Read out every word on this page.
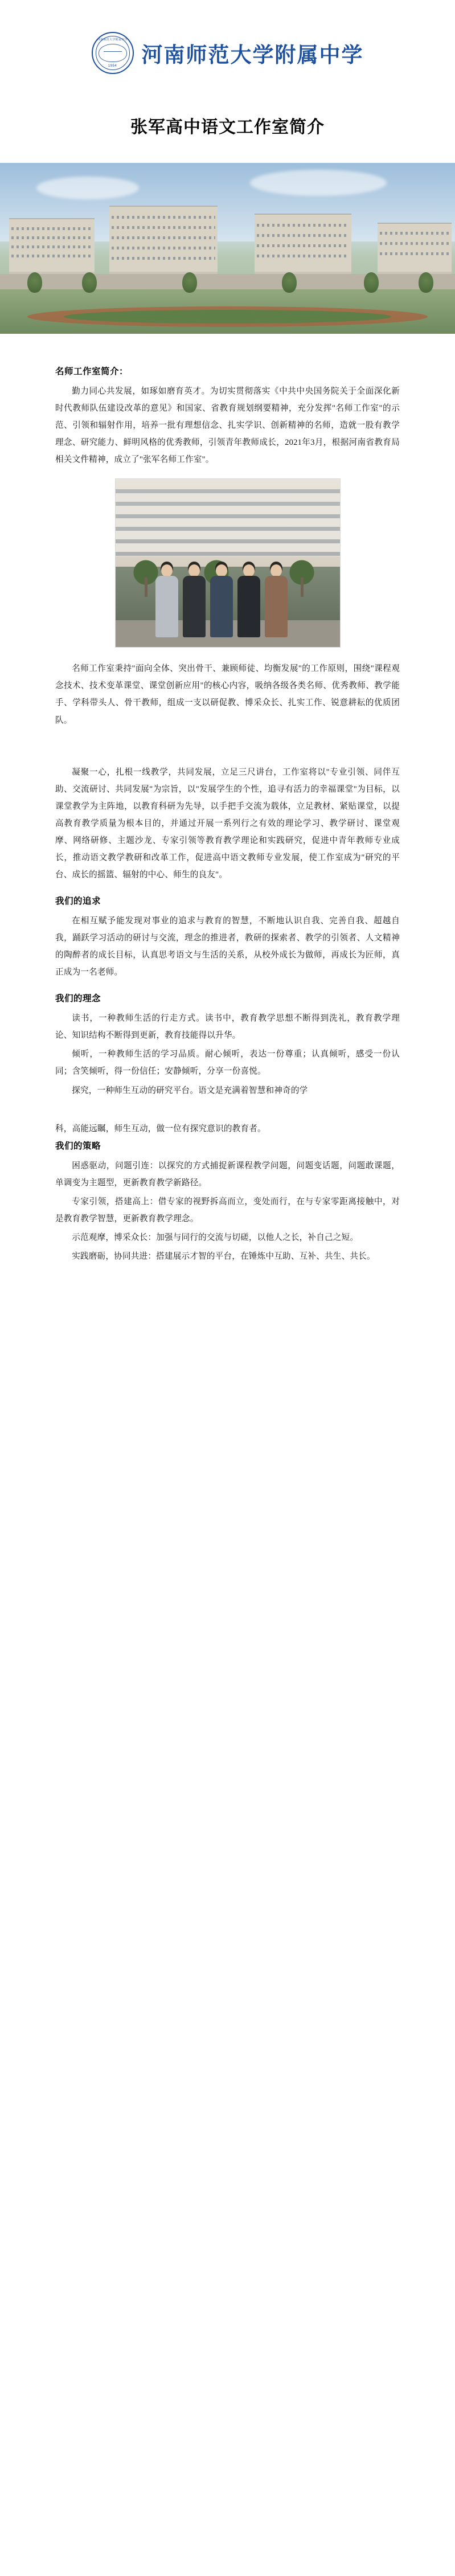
河南师范大学附属中学
1954	河南师范大学附属中学
张军高中语文工作室简介
名师工作室简介：

勤力同心共发展，如琢如磨育英才。为切实贯彻落实《中共中央国务院关于全面深化新时代教师队伍建设改革的意见》和国家、省教育规划纲要精神，充分发挥"名师工作室"的示范、引领和辐射作用，培养一批有理想信念、扎实学识、创新精神的名师，造就一股有教学理念、研究能力、鲜明风格的优秀教师，引领青年教师成长，2021年3月，根据河南省教育局相关文件精神，成立了"张军名师工作室"。

名师工作室秉持"面向全体、突出骨干、兼顾师徒、均衡发展"的工作原则，围绕"课程观念技术、技术变革课堂、课堂创新应用"的核心内容，吸纳各级各类名师、优秀教师、教学能手、学科带头人、骨干教师，组成一支以研促教、博采众长、扎实工作、锐意耕耘的优质团队。

凝聚一心，扎根一线教学，共同发展，立足三尺讲台，工作室将以"专业引领、同伴互助、交流研讨、共同发展"为宗旨，以"发展学生的个性，追寻有活力的幸福课堂"为目标，以课堂教学为主阵地，以教育科研为先导，以手把手交流为载体，立足教材、紧贴课堂，以提高教育教学质量为根本目的，并通过开展一系列行之有效的理论学习、教学研讨、课堂观摩、网络研修、主题沙龙、专家引领等教育教学理论和实践研究，促进中青年教师专业成长，推动语文教学教研和改革工作，促进高中语文教师专业发展，使工作室成为"研究的平台、成长的摇篮、辐射的中心、师生的良友"。

我们的追求

在相互赋予能发现对事业的追求与教育的智慧，不断地认识自我、完善自我、超越自我，踊跃学习活动的研讨与交流，理念的推进者，教研的探索者、教学的引领者、人文精神的陶醉者的成长目标，认真思考语文与生活的关系，从校外成长为做师，再成长为匠师，真正成为一名老师。

我们的理念

读书，一种教师生活的行走方式。读书中，教育教学思想不断得到洗礼，教育教学理论、知识结构不断得到更新，教育技能得以升华。

倾听，一种教师生活的学习品质。耐心倾听，表达一份尊重；认真倾听，感受一份认同；含笑倾听，得一份信任；安静倾听，分享一份喜悦。

探究，一种师生互动的研究平台。语文是充满着智慧和神奇的学

科，高能远瞩，师生互动，做一位有探究意识的教育者。

我们的策略

困惑驱动，问题引连：以探究的方式捕捉新课程教学问题，问题变话题，问题敢课题，单调变为主题型，更新教育教学新路径。

专家引领，搭建高上：借专家的视野拆高而立，变处而行，在与专家零距离接触中，对是教育教学智慧，更新教育教学理念。

示范观摩，博采众长：加强与同行的交流与切磋，以他人之长，补自己之短。

实践磨砺，协同共进：搭建展示才智的平台，在锤炼中互助、互补、共生、共长。
